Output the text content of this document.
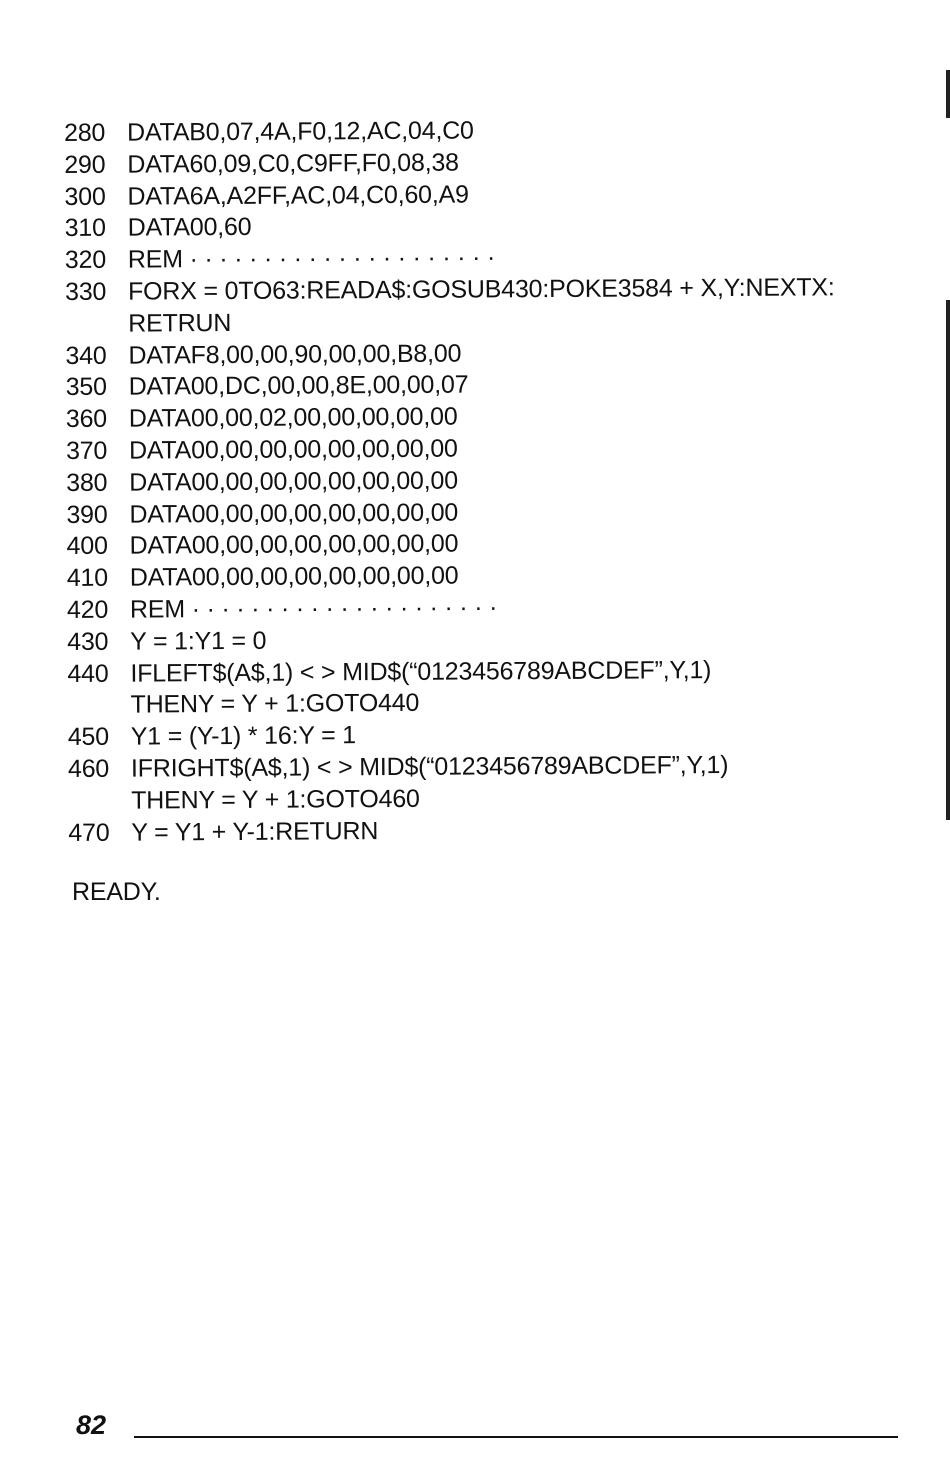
280 DATAB0,07,4A,F0,12,AC,04,C0
290 DATA60,09,C0,C9FF,F0,08,38
300 DATA6A,A2FF,AC,04,C0,60,A9
310 DATA00,60
320 REM · · · · · · · · · · · · · · · · · · · · ·
330 FORX = 0TO63:READA$:GOSUB430:POKE3584 + X,Y:NEXTX:
RETRUN
340 DATAF8,00,00,90,00,00,B8,00
350 DATA00,DC,00,00,8E,00,00,07
360 DATA00,00,02,00,00,00,00,00
370 DATA00,00,00,00,00,00,00,00
380 DATA00,00,00,00,00,00,00,00
390 DATA00,00,00,00,00,00,00,00
400 DATA00,00,00,00,00,00,00,00
410 DATA00,00,00,00,00,00,00,00
420 REM · · · · · · · · · · · · · · · · · · · · ·
430 Y = 1:Y1 = 0
440 IFLEFT$(A$,1) < > MID$(“0123456789ABCDEF”,Y,1)
THENY = Y + 1:GOTO440
450 Y1 = (Y-1) * 16:Y = 1
460 IFRIGHT$(A$,1) < > MID$(“0123456789ABCDEF”,Y,1)
THENY = Y + 1:GOTO460
470 Y = Y1 + Y-1:RETURN
READY.
82
